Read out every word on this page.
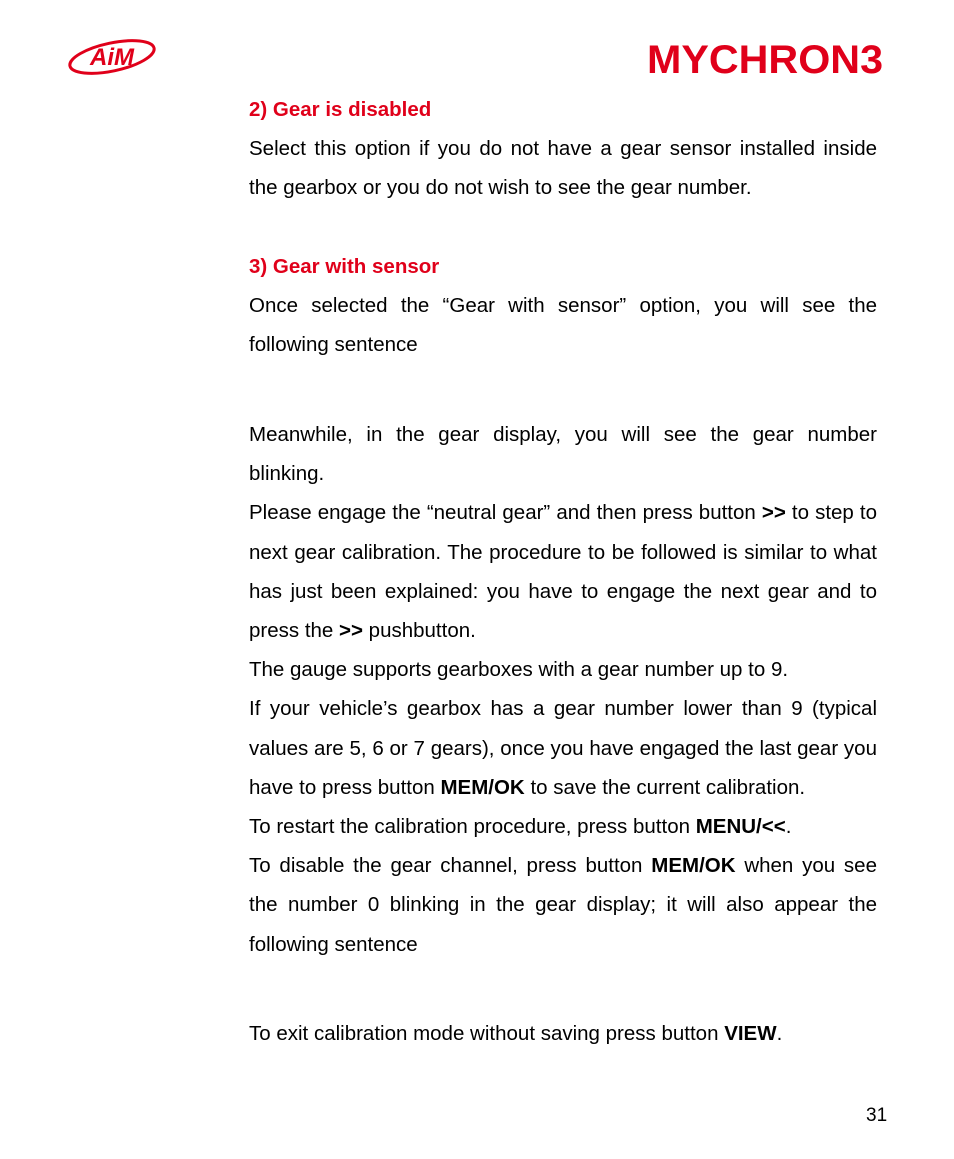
AiM	MYCHRON3
2) Gear is disabled

Select this option if you do not have a gear sensor installed inside the gearbox or you do not wish to see the gear number.

3) Gear with sensor

Once selected the “Gear with sensor” option, you will see the following sentence

Meanwhile, in the gear display, you will see the gear number blinking.

Please engage the “neutral gear” and then press button >> to step to next gear calibration. The procedure to be followed is similar to what has just been explained: you have to engage the next gear and to press the >> pushbutton.

The gauge supports gearboxes with a gear number up to 9.

If your vehicle’s gearbox has a gear number lower than 9 (typical values are 5, 6 or 7 gears), once you have engaged the last gear you have to press button MEM/OK to save the current calibration.

To restart the calibration procedure, press button MENU/<<.

To disable the gear channel, press button MEM/OK when you see the number 0 blinking in the gear display; it will also appear the following sentence

To exit calibration mode without saving press button VIEW.

31
